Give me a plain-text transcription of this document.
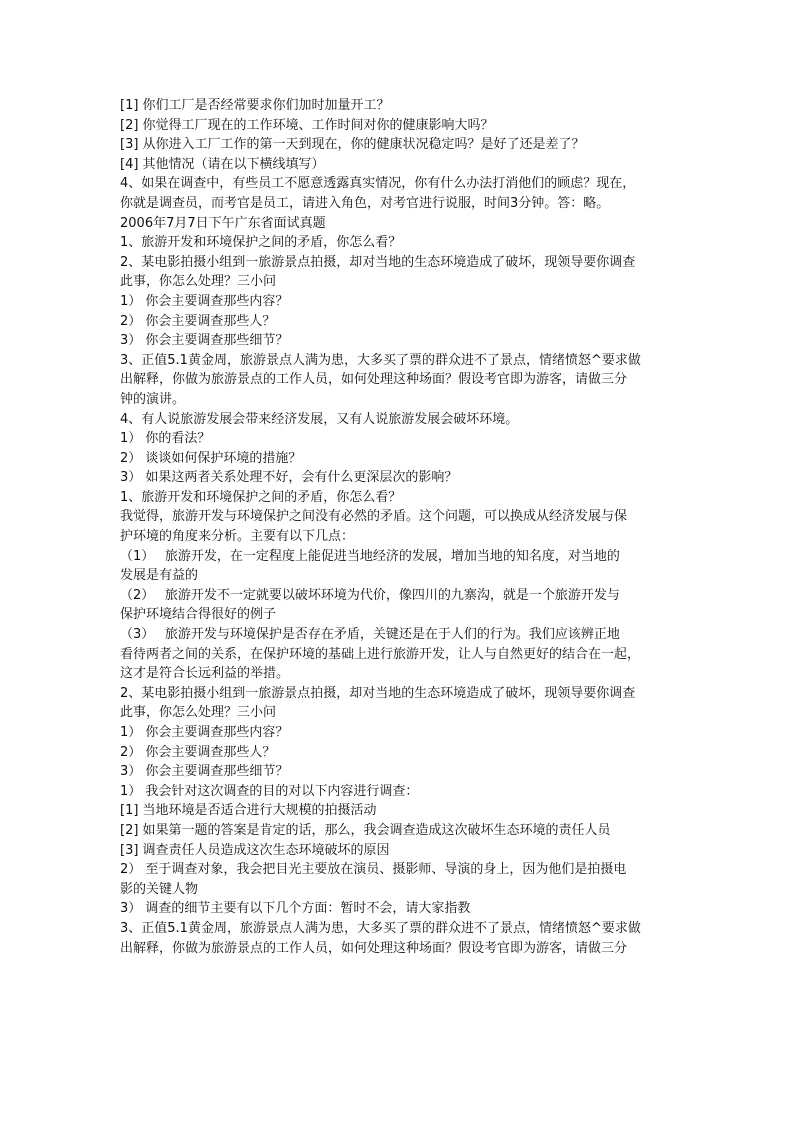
[1] 你们工厂是否经常要求你们加时加量开工？
[2] 你觉得工厂现在的工作环境、工作时间对你的健康影响大吗？
[3] 从你进入工厂工作的第一天到现在，你的健康状况稳定吗？是好了还是差了？
[4] 其他情况（请在以下横线填写）
4、如果在调查中，有些员工不愿意透露真实情况，你有什么办法打消他们的顾虑？现在，
你就是调查员，而考官是员工，请进入角色，对考官进行说服，时间3分钟。答：略。
2006年7月7日下午广东省面试真题
1、旅游开发和环境保护之间的矛盾，你怎么看？
2、某电影拍摄小组到一旅游景点拍摄，却对当地的生态环境造成了破坏，现领导要你调查
此事，你怎么处理？三小问
1） 你会主要调查那些内容？
2） 你会主要调查那些人？
3） 你会主要调查那些细节？
3、正值5.1黄金周，旅游景点人满为患，大多买了票的群众进不了景点，情绪愤怒^要求做
出解释，你做为旅游景点的工作人员，如何处理这种场面？假设考官即为游客，请做三分
钟的演讲。
4、有人说旅游发展会带来经济发展，又有人说旅游发展会破坏环境。
1） 你的看法？
2） 谈谈如何保护环境的措施？
3） 如果这两者关系处理不好，会有什么更深层次的影响？
1、旅游开发和环境保护之间的矛盾，你怎么看？
我觉得，旅游开发与环境保护之间没有必然的矛盾。这个问题，可以换成从经济发展与保
护环境的角度来分析。主要有以下几点：
（1）　 旅游开发，在一定程度上能促进当地经济的发展，增加当地的知名度，对当地的
发展是有益的
（2）　 旅游开发不一定就要以破坏环境为代价，像四川的九寨沟，就是一个旅游开发与
保护环境结合得很好的例子
（3）　 旅游开发与环境保护是否存在矛盾，关键还是在于人们的行为。我们应该辨正地
看待两者之间的关系，在保护环境的基础上进行旅游开发，让人与自然更好的结合在一起，
这才是符合长远利益的举措。
2、某电影拍摄小组到一旅游景点拍摄，却对当地的生态环境造成了破坏，现领导要你调查
此事，你怎么处理？三小问
1） 你会主要调查那些内容？
2） 你会主要调查那些人？
3） 你会主要调查那些细节？
1） 我会针对这次调查的目的对以下内容进行调查：
[1] 当地环境是否适合进行大规模的拍摄活动
[2] 如果第一题的答案是肯定的话，那么，我会调查造成这次破坏生态环境的责任人员
[3] 调查责任人员造成这次生态环境破坏的原因
2） 至于调查对象，我会把目光主要放在演员、摄影师、导演的身上，因为他们是拍摄电
影的关键人物
3） 调查的细节主要有以下几个方面：暂时不会，请大家指教
3、正值5.1黄金周，旅游景点人满为患，大多买了票的群众进不了景点，情绪愤怒^要求做
出解释，你做为旅游景点的工作人员，如何处理这种场面？假设考官即为游客，请做三分
